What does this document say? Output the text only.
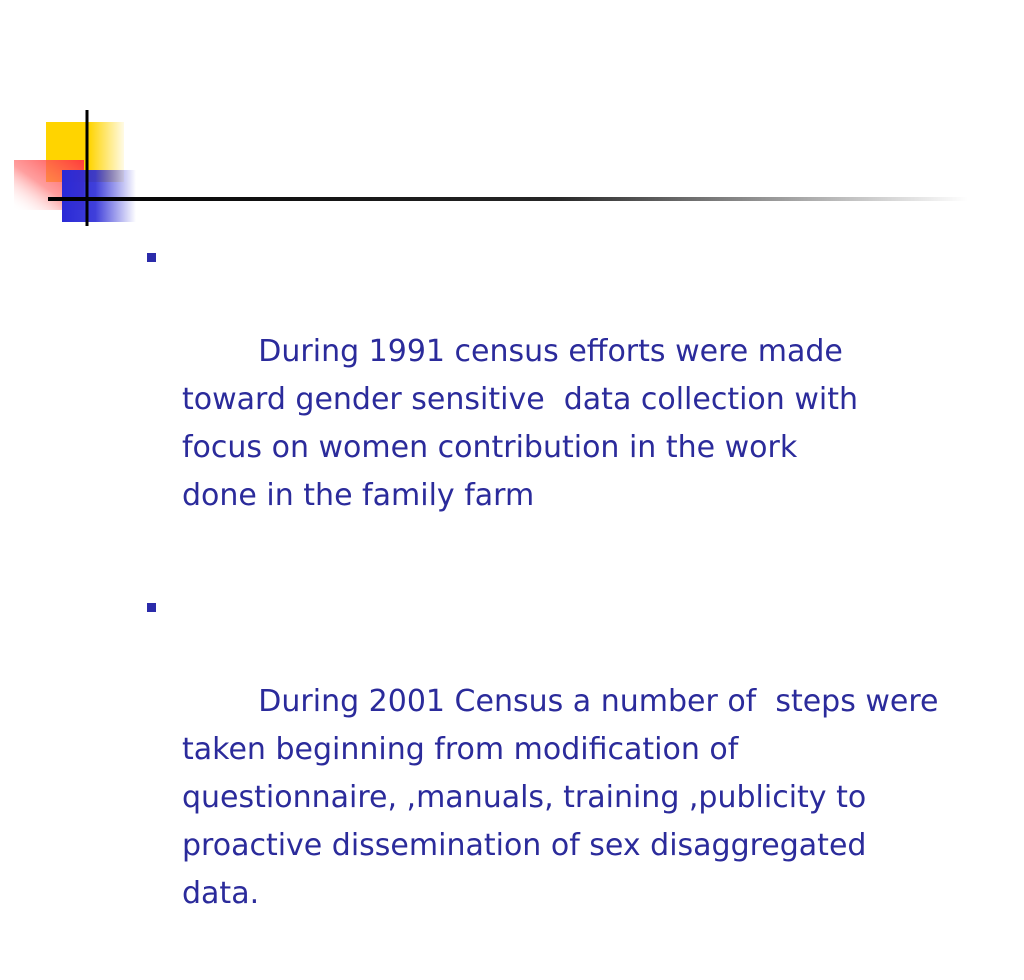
During 1991 census efforts were made
toward gender sensitive  data collection with
focus on women contribution in the work
done in the family farm

During 2001 Census a number of  steps were
taken beginning from modification of
questionnaire, ,manuals, training ,publicity to
proactive dissemination of sex disaggregated
data.
